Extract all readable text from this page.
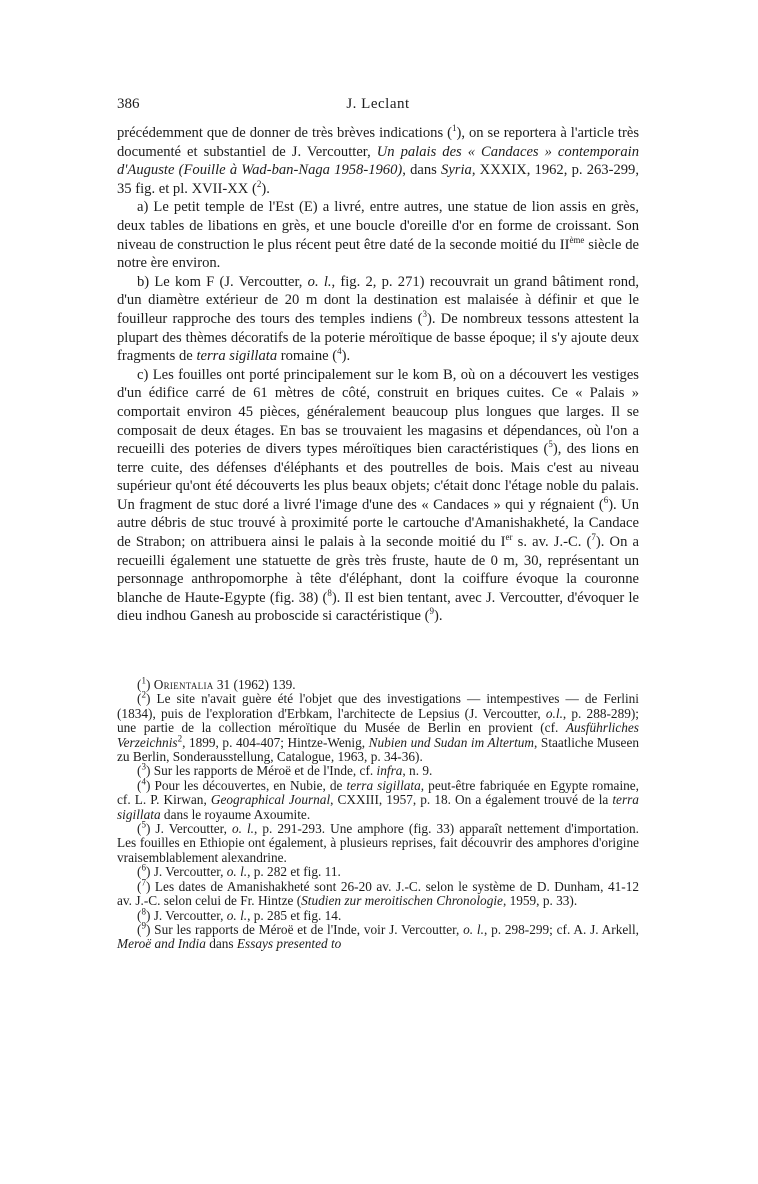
386	J. Leclant

précédemment que de donner de très brèves indications ($^1$), on se reportera à l'article très documenté et substantiel de J. Vercoutter, Un palais des « Candaces » contemporain d'Auguste (Fouille à Wad-ban-Naga 1958-1960), dans Syria, XXXIX, 1962, p. 263-299, 35 fig. et pl. XVII-XX ($^2$).

a) Le petit temple de l'Est (E) a livré, entre autres, une statue de lion assis en grès, deux tables de libations en grès, et une boucle d'oreille d'or en forme de croissant. Son niveau de construction le plus récent peut être daté de la seconde moitié du IIème siècle de notre ère environ.

b) Le kom F (J. Vercoutter, o. l., fig. 2, p. 271) recouvrait un grand bâtiment rond, d'un diamètre extérieur de 20 m dont la destination est malaisée à définir et que le fouilleur rapproche des tours des temples indiens ($^3$). De nombreux tessons attestent la plupart des thèmes décoratifs de la poterie méroïtique de basse époque; il s'y ajoute deux fragments de terra sigillata romaine ($^4$).

c) Les fouilles ont porté principalement sur le kom B, où on a découvert les vestiges d'un édifice carré de 61 mètres de côté, construit en briques cuites. Ce « Palais » comportait environ 45 pièces, généralement beaucoup plus longues que larges. Il se composait de deux étages. En bas se trouvaient les magasins et dépendances, où l'on a recueilli des poteries de divers types méroïtiques bien caractéristiques ($^5$), des lions en terre cuite, des défenses d'éléphants et des poutrelles de bois. Mais c'est au niveau supérieur qu'ont été découverts les plus beaux objets; c'était donc l'étage noble du palais. Un fragment de stuc doré a livré l'image d'une des « Candaces » qui y régnaient ($^6$). Un autre débris de stuc trouvé à proximité porte le cartouche d'Amanishakheté, la Candace de Strabon; on attribuera ainsi le palais à la seconde moitié du Ier s. av. J.-C. ($^7$). On a recueilli également une statuette de grès très fruste, haute de 0 m, 30, représentant un personnage anthropomorphe à tête d'éléphant, dont la coiffure évoque la couronne blanche de Haute-Egypte (fig. 38) ($^8$). Il est bien tentant, avec J. Vercoutter, d'évoquer le dieu indhou Ganesh au proboscide si caractéristique ($^9$).

($^1$) Orientalia 31 (1962) 139.

($^2$) Le site n'avait guère été l'objet que des investigations — intempestives — de Ferlini (1834), puis de l'exploration d'Erbkam, l'architecte de Lepsius (J. Vercoutter, o.l., p. 288-289); une partie de la collection méroïtique du Musée de Berlin en provient (cf. Ausführliches Verzeichnis$^2$, 1899, p. 404-407; Hintze-Wenig, Nubien und Sudan im Altertum, Staatliche Museen zu Berlin, Sonderausstellung, Catalogue, 1963, p. 34-36).

($^3$) Sur les rapports de Méroë et de l'Inde, cf. infra, n. 9.

($^4$) Pour les découvertes, en Nubie, de terra sigillata, peut-être fabriquée en Egypte romaine, cf. L. P. Kirwan, Geographical Journal, CXXIII, 1957, p. 18. On a également trouvé de la terra sigillata dans le royaume Axoumite.

($^5$) J. Vercoutter, o. l., p. 291-293. Une amphore (fig. 33) apparaît nettement d'importation. Les fouilles en Ethiopie ont également, à plusieurs reprises, fait découvrir des amphores d'origine vraisemblablement alexandrine.

($^6$) J. Vercoutter, o. l., p. 282 et fig. 11.

($^7$) Les dates de Amanishakheté sont 26-20 av. J.-C. selon le système de D. Dunham, 41-12 av. J.-C. selon celui de Fr. Hintze (Studien zur meroitischen Chronologie, 1959, p. 33).

($^8$) J. Vercoutter, o. l., p. 285 et fig. 14.

($^9$) Sur les rapports de Méroë et de l'Inde, voir J. Vercoutter, o. l., p. 298-299; cf. A. J. Arkell, Meroë and India dans Essays presented to
